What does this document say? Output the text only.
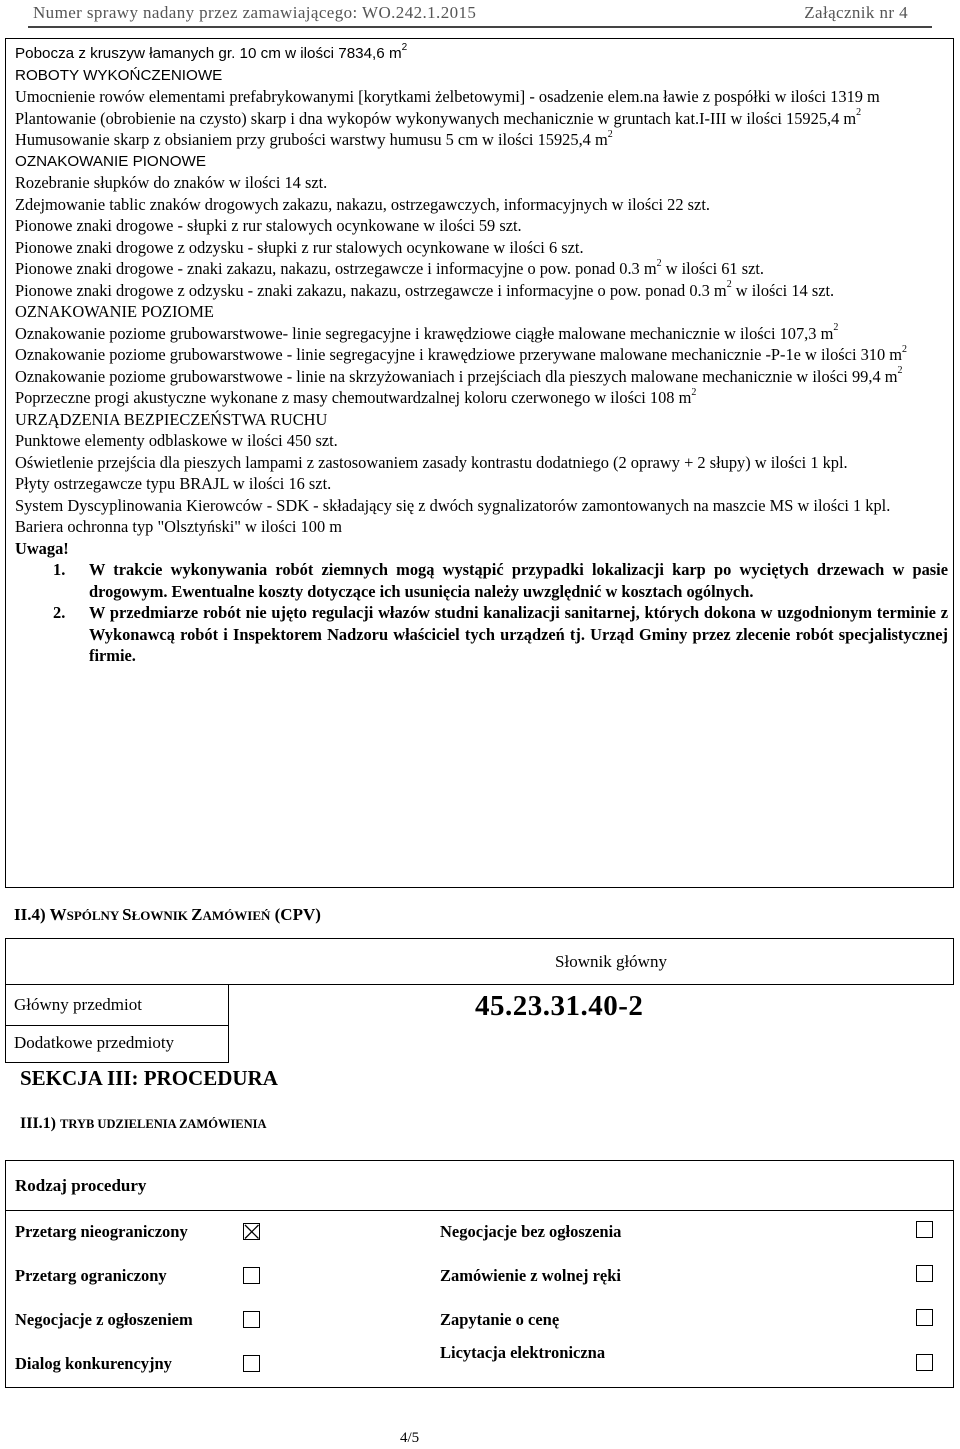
Numer sprawy nadany przez zamawiającego: WO.242.1.2015	Załącznik nr 4

Pobocza z kruszyw łamanych gr. 10 cm w ilości 7834,6 $m^2$

ROBOTY WYKOŃCZENIOWE

Umocnienie rowów elementami prefabrykowanymi [korytkami żelbetowymi] - osadzenie elem.na ławie z pospółki w ilości 1319 m

Plantowanie (obrobienie na czysto) skarp i dna wykopów wykonywanych mechanicznie w gruntach kat.I-III w ilości 15925,4 $m^2$

Humusowanie skarp z obsianiem przy grubości warstwy humusu 5 cm w ilości 15925,4 $m^2$

OZNAKOWANIE PIONOWE

Rozebranie słupków do znaków w ilości 14 szt.

Zdejmowanie tablic znaków drogowych zakazu, nakazu, ostrzegawczych, informacyjnych w ilości 22 szt.

Pionowe znaki drogowe - słupki z rur stalowych ocynkowane w ilości 59 szt.

Pionowe znaki drogowe z odzysku - słupki z rur stalowych ocynkowane w ilości 6 szt.

Pionowe znaki drogowe - znaki zakazu, nakazu, ostrzegawcze i informacyjne o pow. ponad 0.3 $m^2$ w ilości 61 szt.

Pionowe znaki drogowe z odzysku - znaki zakazu, nakazu, ostrzegawcze i informacyjne o pow. ponad 0.3 $m^2$ w ilości 14 szt.

OZNAKOWANIE POZIOME

Oznakowanie poziome grubowarstwowe- linie segregacyjne i krawędziowe ciągłe malowane mechanicznie w ilości 107,3 $m^2$

Oznakowanie poziome grubowarstwowe - linie segregacyjne i krawędziowe przerywane malowane mechanicznie -P-1e w ilości 310 $m^2$

Oznakowanie poziome grubowarstwowe - linie na skrzyżowaniach i przejściach dla pieszych malowane mechanicznie w ilości 99,4 $m^2$

Poprzeczne progi akustyczne wykonane z masy chemoutwardzalnej koloru czerwonego w ilości 108 $m^2$

URZĄDZENIA BEZPIECZEŃSTWA RUCHU

Punktowe elementy odblaskowe w ilości 450 szt.

Oświetlenie przejścia dla pieszych lampami z zastosowaniem zasady kontrastu dodatniego (2 oprawy + 2 słupy) w ilości 1 kpl.

Płyty ostrzegawcze typu BRAJL w ilości 16 szt.

System Dyscyplinowania Kierowców - SDK - składający się z dwóch sygnalizatorów zamontowanych na maszcie MS w ilości 1 kpl.

Bariera ochronna typ "Olsztyński" w ilości 100 m

Uwaga!

1. W trakcie wykonywania robót ziemnych mogą wystąpić przypadki lokalizacji karp po wyciętych drzewach w pasie drogowym. Ewentualne koszty dotyczące ich usunięcia należy uwzględnić w kosztach ogólnych.
2. W przedmiarze robót nie ujęto regulacji włazów studni kanalizacji sanitarnej, których dokona w uzgodnionym terminie z Wykonawcą robót i Inspektorem Nadzoru właściciel tych urządzeń tj. Urząd Gminy przez zlecenie robót specjalistycznej firmie.
II.4) WSPÓLNY SŁOWNIK ZAMÓWIEŃ (CPV)
Słownik główny
Główny przedmiot
Dodatkowe przedmioty
45.23.31.40-2
SEKCJA III: PROCEDURA
III.1) TRYB UDZIELENIA ZAMÓWIENIA
Rodzaj procedury
Przetarg nieograniczony
Przetarg ograniczony
Negocjacje z ogłoszeniem
Dialog konkurencyjny
Negocjacje bez ogłoszenia
Zamówienie z wolnej ręki
Zapytanie o cenę
Licytacja elektroniczna
4/5
